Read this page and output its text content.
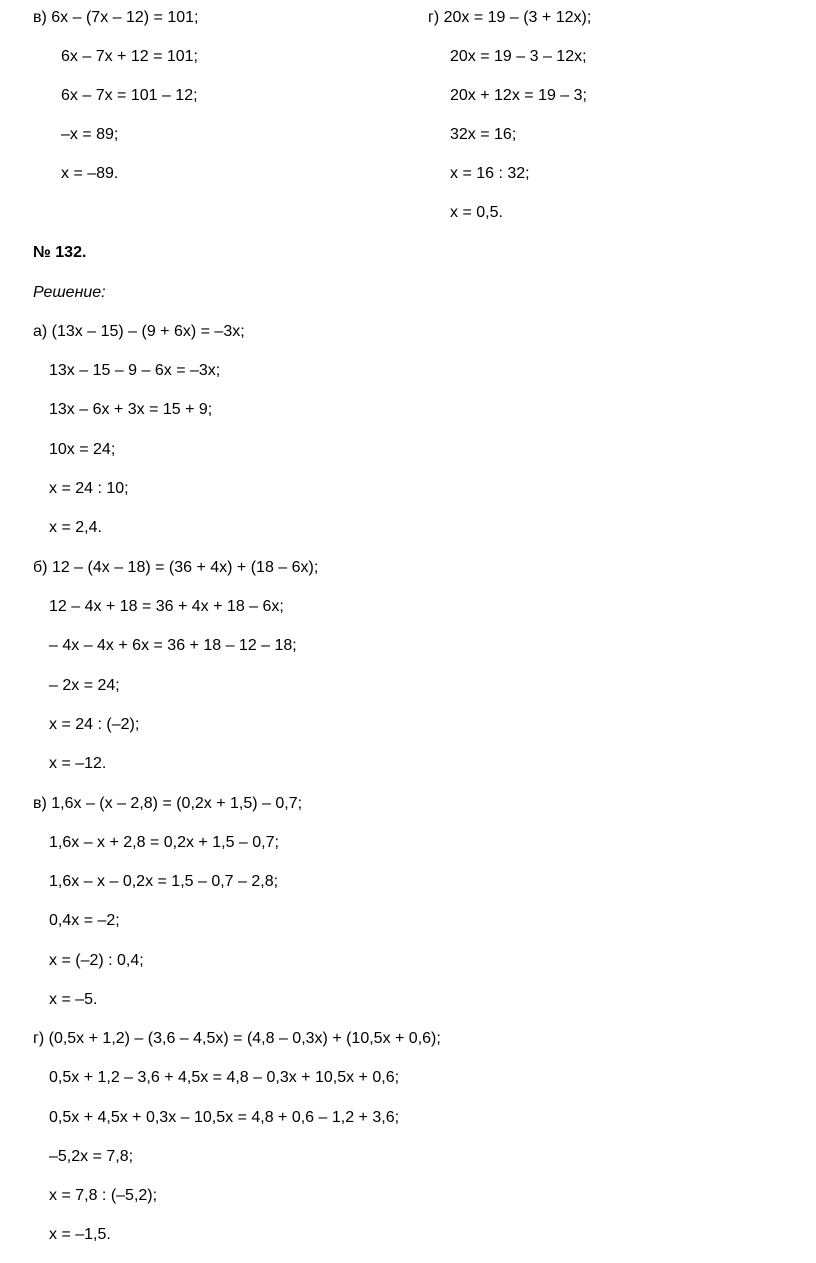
в) 6x – (7x – 12) = 101;
6x – 7x + 12 = 101;
6x – 7x = 101 – 12;
–x = 89;
x = –89.
г) 20x = 19 – (3 + 12x);
20x = 19 – 3 – 12x;
20x + 12x = 19 – 3;
32x = 16;
x = 16 : 32;
x = 0,5.
№ 132.
Решение:
а) (13x – 15) – (9 + 6x) = –3x;
13x – 15 – 9 – 6x = –3x;
13x – 6x + 3x = 15 + 9;
10x = 24;
x = 24 : 10;
x = 2,4.
б) 12 – (4x – 18) = (36 + 4x) + (18 – 6x);
12 – 4x + 18 = 36 + 4x + 18 – 6x;
– 4x – 4x + 6x = 36 + 18 – 12 – 18;
– 2x = 24;
x = 24 : (–2);
x = –12.
в) 1,6x – (x – 2,8) = (0,2x + 1,5) – 0,7;
1,6x – x + 2,8 = 0,2x + 1,5 – 0,7;
1,6x – x – 0,2x = 1,5 – 0,7 – 2,8;
0,4x = –2;
x = (–2) : 0,4;
x = –5.
г) (0,5x + 1,2) – (3,6 – 4,5x) = (4,8 – 0,3x) + (10,5x + 0,6);
0,5x + 1,2 – 3,6 + 4,5x = 4,8 – 0,3x + 10,5x + 0,6;
0,5x + 4,5x + 0,3x – 10,5x = 4,8 + 0,6 – 1,2 + 3,6;
–5,2x = 7,8;
x = 7,8 : (–5,2);
x = –1,5.
